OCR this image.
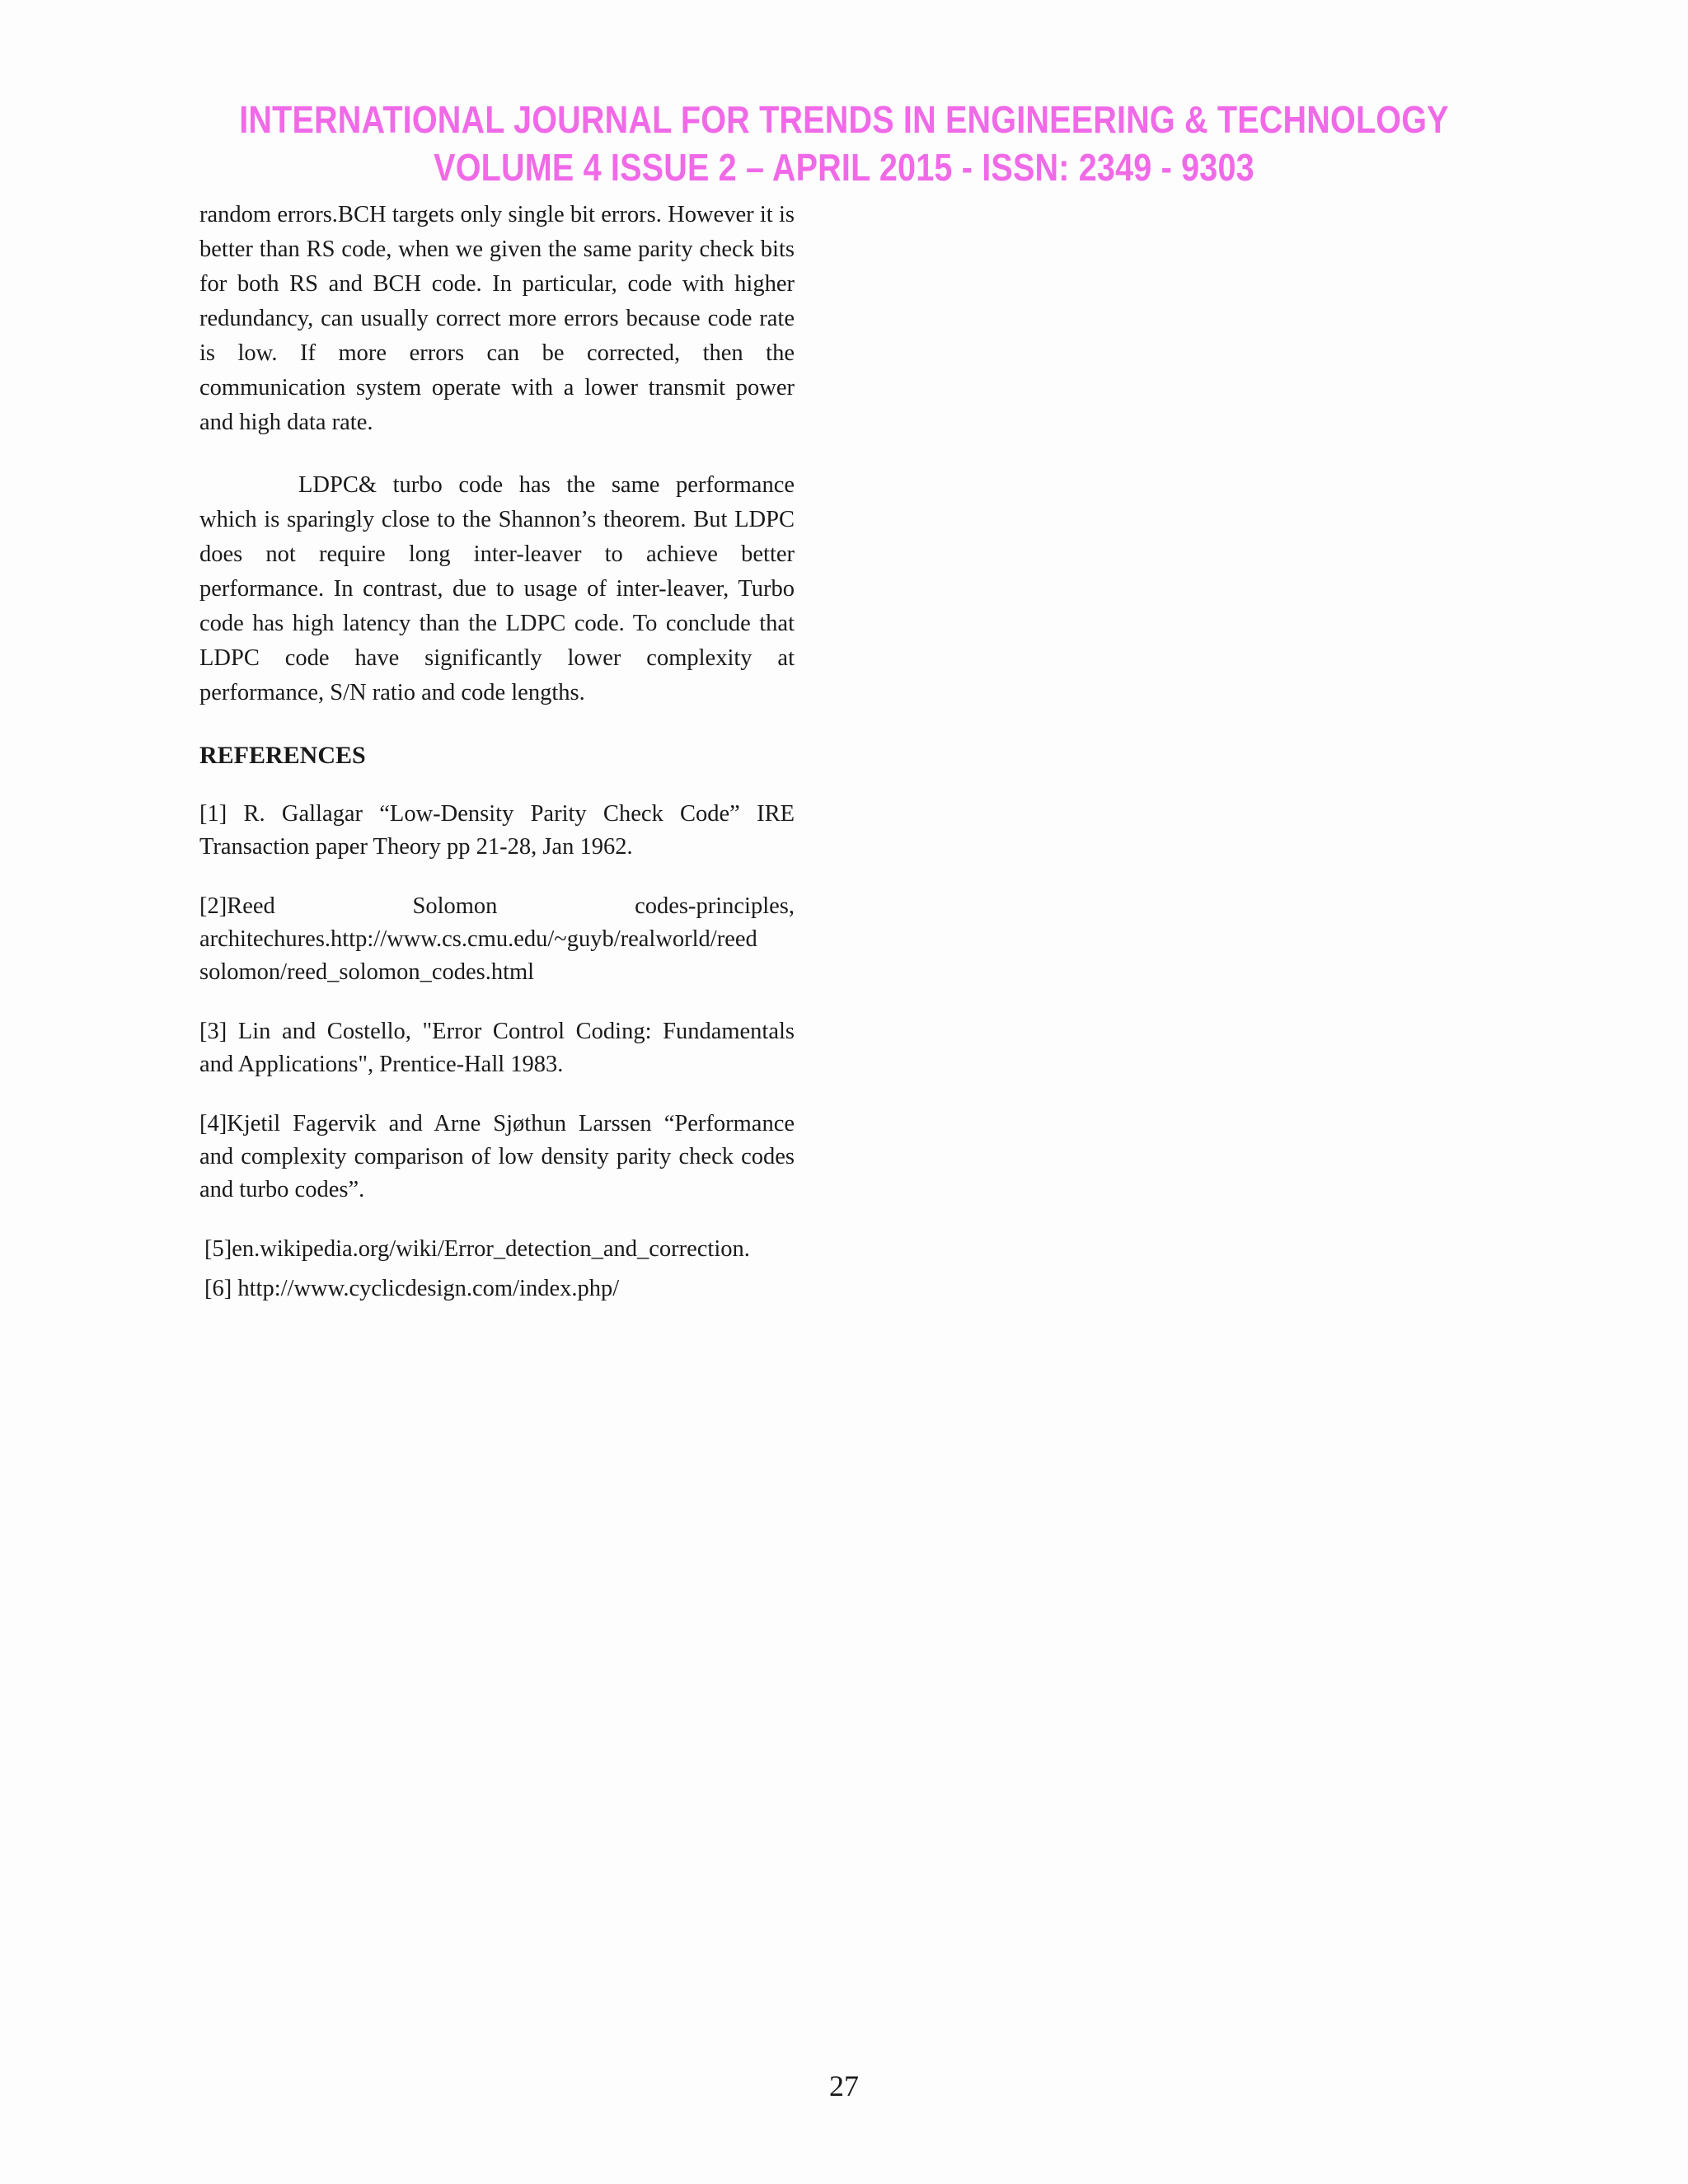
INTERNATIONAL JOURNAL FOR TRENDS IN ENGINEERING & TECHNOLOGY
VOLUME 4 ISSUE 2 – APRIL 2015 - ISSN: 2349 - 9303

random errors.BCH targets only single bit errors. However it is better than RS code, when we given the same parity check bits for both RS and BCH code. In particular, code with higher redundancy, can usually correct more errors because code rate is low. If more errors can be corrected, then the communication system operate with a lower transmit power and high data rate.

LDPC& turbo code has the same performance which is sparingly close to the Shannon’s theorem. But LDPC does not require long inter-leaver to achieve better performance. In contrast, due to usage of inter-leaver, Turbo code has high latency than the LDPC code. To conclude that LDPC code have significantly lower complexity at performance, S/N ratio and code lengths.

REFERENCES

[1] R. Gallagar “Low-Density Parity Check Code” IRE Transaction paper Theory pp 21-28, Jan 1962.

[2]Reed Solomon codes-principles,
architechures.http://www.cs.cmu.edu/~guyb/realworld/reed
solomon/reed_solomon_codes.html

[3] Lin and Costello, "Error Control Coding: Fundamentals and Applications", Prentice-Hall 1983.

[4]Kjetil Fagervik and Arne Sjøthun Larssen “Performance and complexity comparison of low density parity check codes and turbo codes”.

[5]en.wikipedia.org/wiki/Error_detection_and_correction.

[6] http://www.cyclicdesign.com/index.php/

27
